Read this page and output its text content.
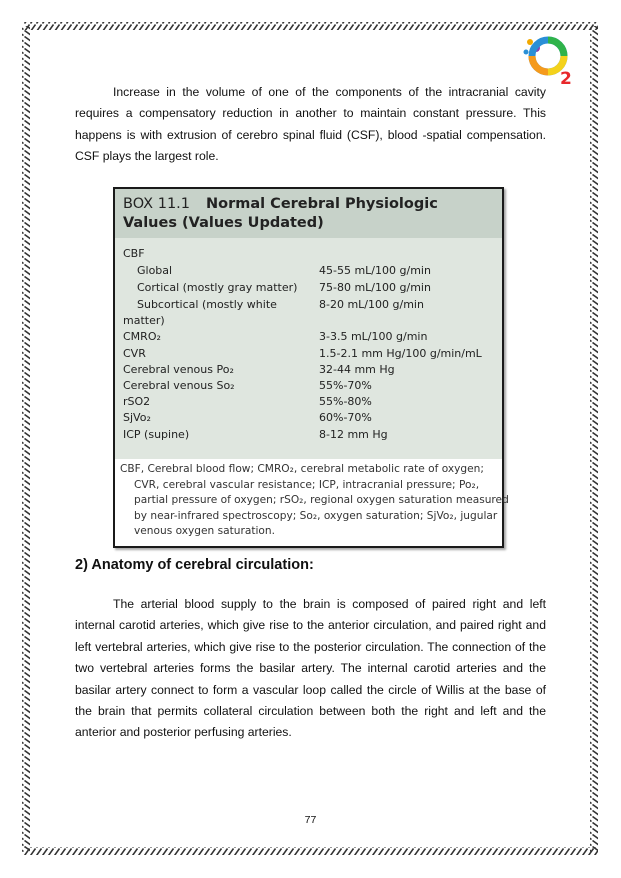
2

Increase in the volume of one of the components of the intracranial cavity requires a compensatory reduction in another to maintain constant pressure. This happens is with extrusion of cerebro spinal fluid (CSF), blood -spatial compensation. CSF plays the largest role.

BOX 11.1 Normal Cerebral Physiologic
Values (Values Updated)

CBF
Global	45-55 mL/100 g/min
Cortical (mostly gray matter) 75-80 mL/100 g/min
Subcortical (mostly white	8-20 mL/100 g/min
matter)
CMRO₂	3-3.5 mL/100 g/min
CVR	1.5-2.1 mm Hg/100 g/min/mL
Cerebral venous Po₂	32-44 mm Hg
Cerebral venous So₂	55%-70%
rSO2	55%-80%
SjVo₂	60%-70%
ICP (supine)	8-12 mm Hg

CBF, Cerebral blood flow; CMRO₂, cerebral metabolic rate of oxygen; CVR, cerebral vascular resistance; ICP, intracranial pressure; Po₂, partial pressure of oxygen; rSO₂, regional oxygen saturation measured by near-infrared spectroscopy; So₂, oxygen saturation; SjVo₂, jugular venous oxygen saturation.

2) Anatomy of cerebral circulation:

The arterial blood supply to the brain is composed of paired right and left internal carotid arteries, which give rise to the anterior circulation, and paired right and left vertebral arteries, which give rise to the posterior circulation. The connection of the two vertebral arteries forms the basilar artery. The internal carotid arteries and the basilar artery connect to form a vascular loop called the circle of Willis at the base of the brain that permits collateral circulation between both the right and left and the anterior and posterior perfusing arteries.

77
